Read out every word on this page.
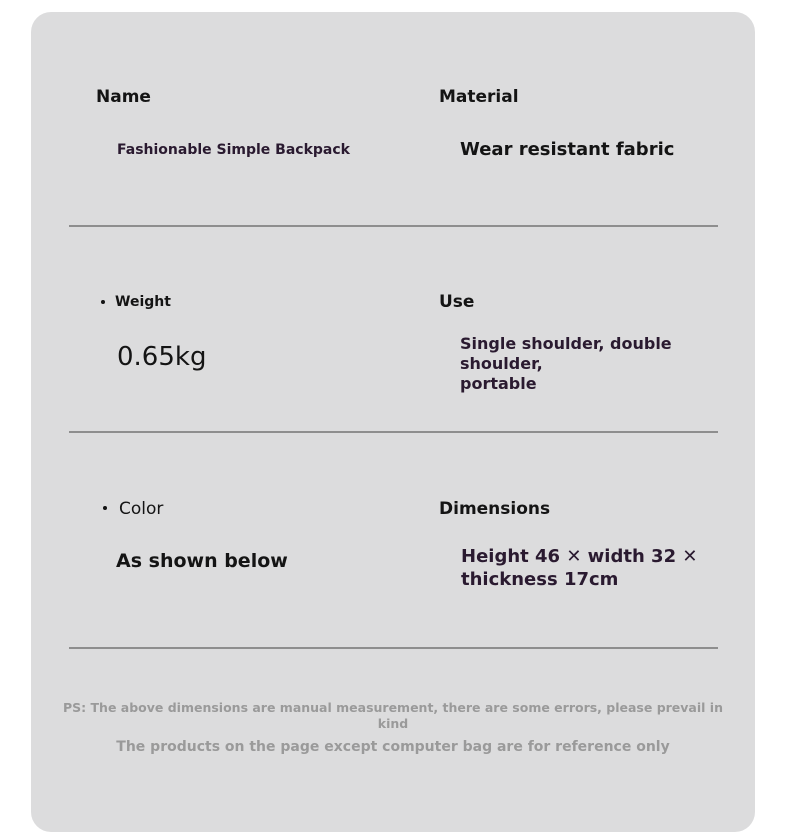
Name
Fashionable Simple Backpack
Material
Wear resistant fabric
Weight
0.65kg
Use
Single shoulder, double shoulder,
portable
Color
As shown below
Dimensions
Height 46 ✕ width 32 ✕
thickness 17cm
PS: The above dimensions are manual measurement, there are some errors, please prevail in
kind
The products on the page except computer bag are for reference only
